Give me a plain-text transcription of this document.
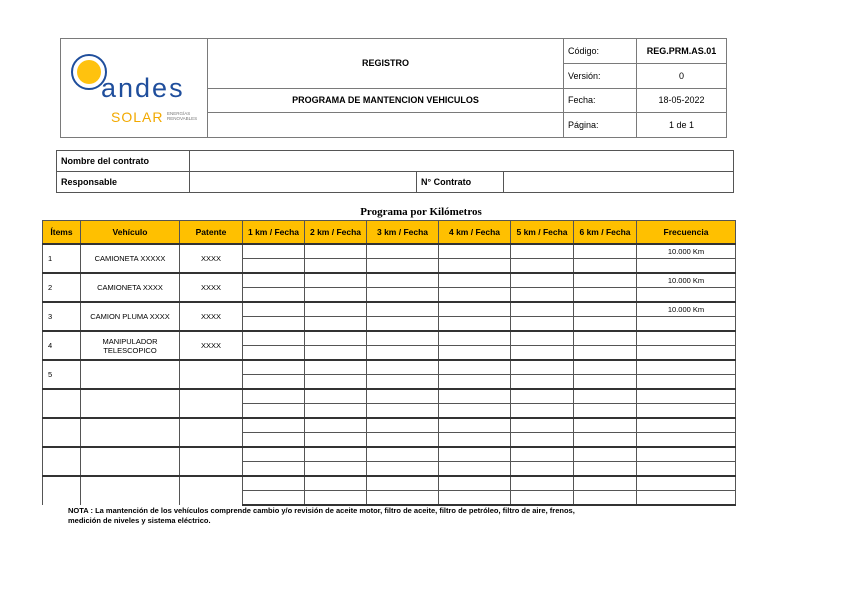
andes
SOLAR ENERGÍAS
RENOVABLES	REGISTRO	Código:	REG.PRM.AS.01
		Versión:	0
	PROGRAMA DE MANTENCION VEHICULOS	Fecha:	18-05-2022
		Página:	1 de 1
Nombre del contrato			
Responsable		N° Contrato	
Programa por Kilómetros
Ítems	Vehículo	Patente	1 km / Fecha	2 km / Fecha	3 km / Fecha	4 km / Fecha	5 km / Fecha	6 km / Fecha	Frecuencia
1	CAMIONETA XXXXX	XXXX							10.000 Km

2	CAMIONETA XXXX	XXXX							10.000 Km

3	CAMION PLUMA XXXX	XXXX							10.000 Km

4	MANIPULADOR TELESCOPICO	XXXX							

5									

NOTA : La mantención de los vehículos comprende cambio y/o revisión de aceite motor, filtro de aceite, filtro de petróleo, filtro de aire, frenos,
medición de niveles y sistema eléctrico.
